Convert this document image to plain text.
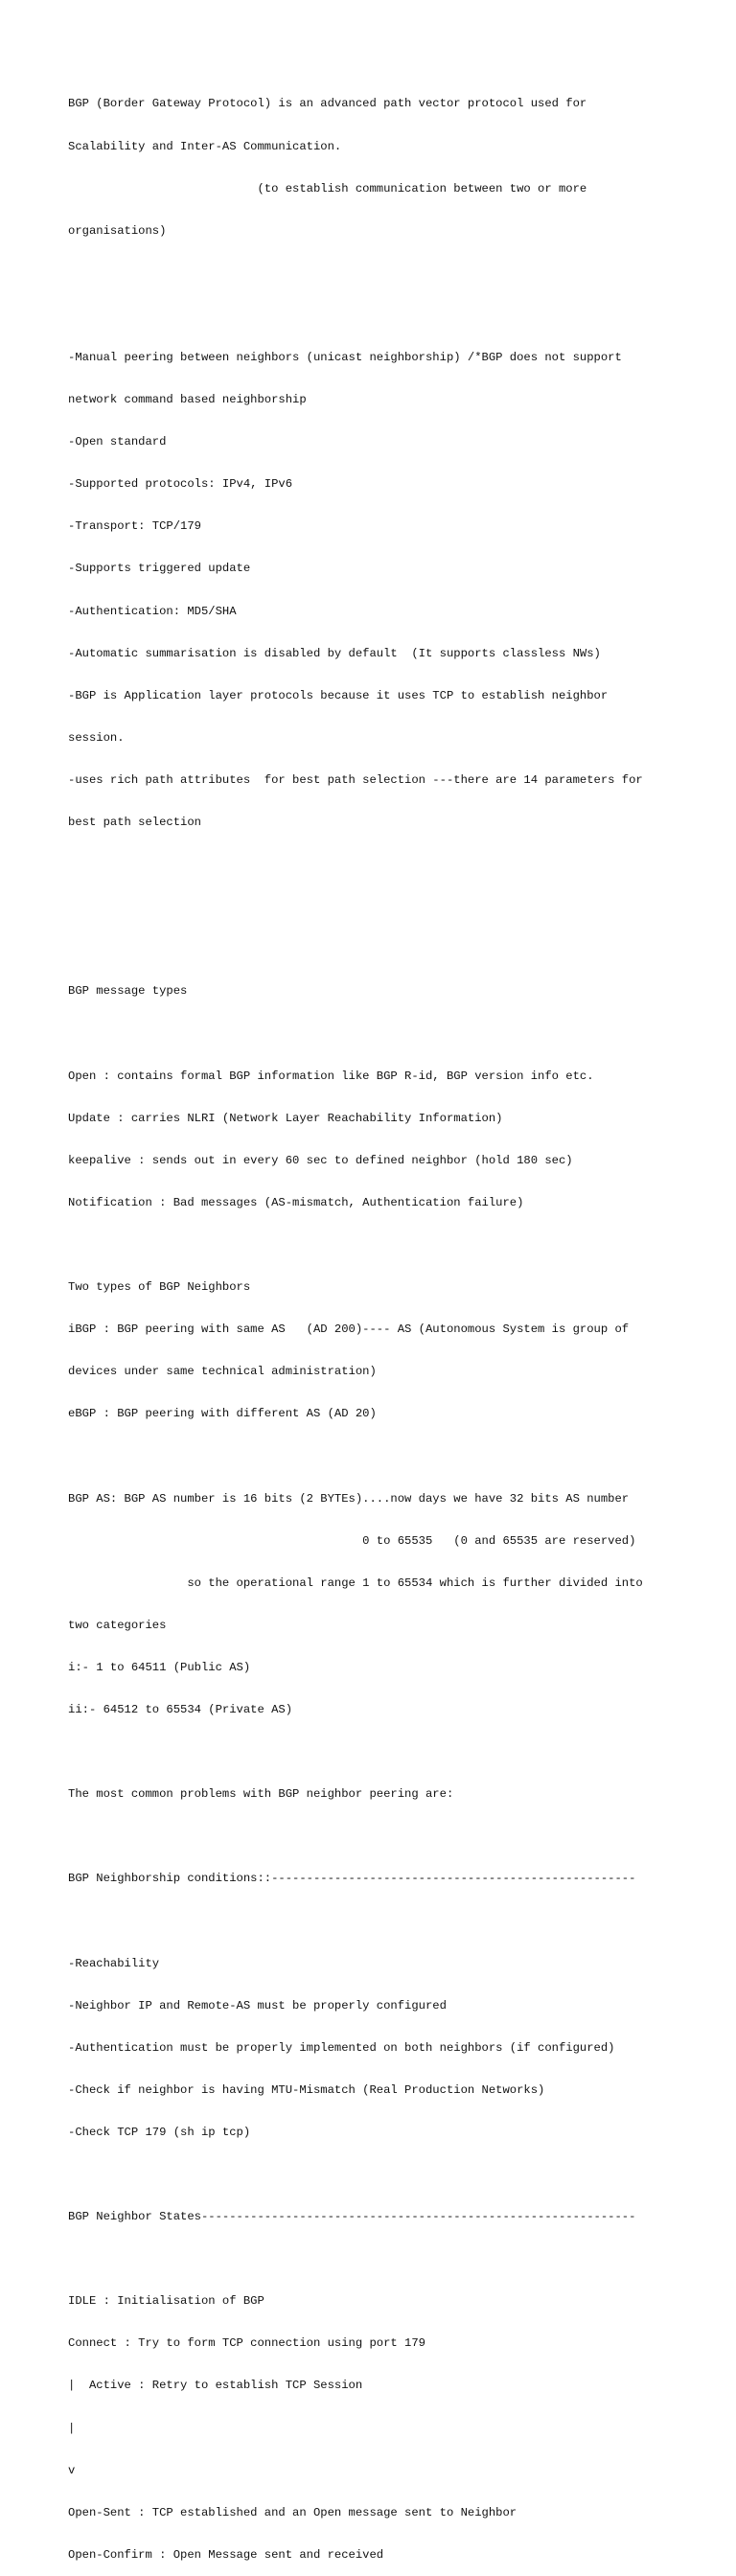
BGP (Border Gateway Protocol) is an advanced path vector protocol used for

Scalability and Inter-AS Communication.

(to establish communication between two or more

organisations)

-Manual peering between neighbors (unicast neighborship) /*BGP does not support

network command based neighborship

-Open standard

-Supported protocols: IPv4, IPv6

-Transport: TCP/179

-Supports triggered update

-Authentication: MD5/SHA

-Automatic summarisation is disabled by default  (It supports classless NWs)

-BGP is Application layer protocols because it uses TCP to establish neighbor

session.

-uses rich path attributes  for best path selection ---there are 14 parameters for

best path selection

BGP message types

Open : contains formal BGP information like BGP R-id, BGP version info etc.

Update : carries NLRI (Network Layer Reachability Information)

keepalive : sends out in every 60 sec to defined neighbor (hold 180 sec)

Notification : Bad messages (AS-mismatch, Authentication failure)

Two types of BGP Neighbors

iBGP : BGP peering with same AS   (AD 200)---- AS (Autonomous System is group of

devices under same technical administration)

eBGP : BGP peering with different AS (AD 20)

BGP AS: BGP AS number is 16 bits (2 BYTEs)....now days we have 32 bits AS number

0 to 65535   (0 and 65535 are reserved)

so the operational range 1 to 65534 which is further divided into

two categories

i:- 1 to 64511 (Public AS)

ii:- 64512 to 65534 (Private AS)

The most common problems with BGP neighbor peering are:

BGP Neighborship conditions::----------------------------------------------------

-Reachability

-Neighbor IP and Remote-AS must be properly configured

-Authentication must be properly implemented on both neighbors (if configured)

-Check if neighbor is having MTU-Mismatch (Real Production Networks)

-Check TCP 179 (sh ip tcp)

BGP Neighbor States--------------------------------------------------------------

IDLE : Initialisation of BGP

Connect : Try to form TCP connection using port 179

|  Active : Retry to establish TCP Session

|

v

Open-Sent : TCP established and an Open message sent to Neighbor

Open-Confirm : Open Message sent and received
